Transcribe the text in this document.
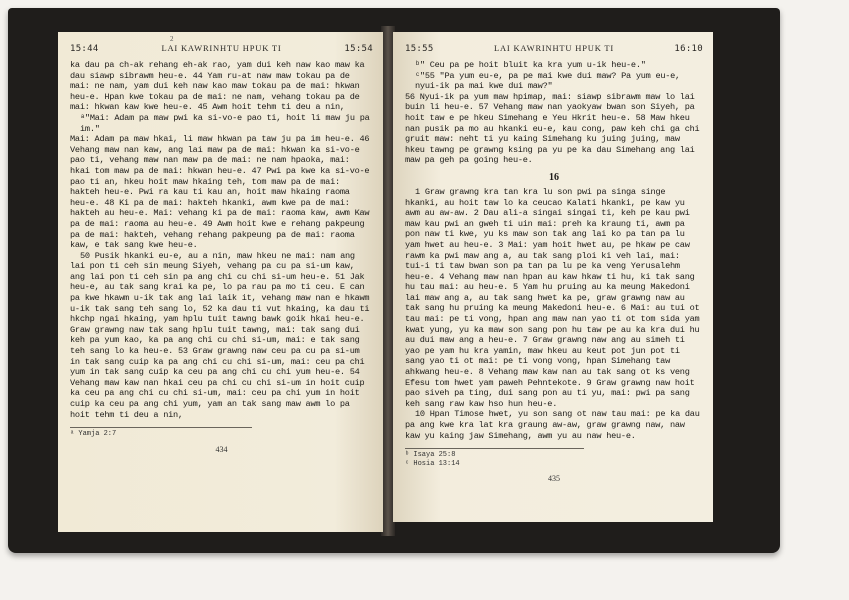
2
15:44	LAI KAWRINHTU HPUK TI	15:54

ka dau pa ch-ak rehang eh-ak rao, yam dui keh naw kao maw ka dau siawp sibrawm heu-e. 44 Yam ru-at naw maw tokau pa de mai: ne nam, yam dui keh naw kao maw tokau pa de mai: hkwan heu-e. Hpan kwe tokau pa de mai: ne nam, vehang tokau pa de mai: hkwan kaw kwe heu-e. 45 Awm hoit tehm ti deu a nin,

ᵃ"Mai: Adam pa maw pwi ka si-vo-e pao ti, hoit li maw ju pa im."

Mai: Adam pa maw hkai, li maw hkwan pa taw ju pa im heu-e. 46 Vehang maw nan kaw, ang lai maw pa de mai: hkwan ka si-vo-e pao ti, vehang maw nan maw pa de mai: ne nam hpaoka, mai: hkai tom maw pa de mai: hkwan heu-e. 47 Pwi pa kwe ka si-vo-e pao ti an, hkeu hoit maw hkaing teh, tom maw pa de mai: hakteh heu-e. Pwi ra kau ti kau an, hoit maw hkaing raoma heu-e. 48 Ki pa de mai: hakteh hkanki, awm kwe pa de mai: hakteh au heu-e. Mai: vehang ki pa de mai: raoma kaw, awm Kaw pa de mai: raoma au heu-e. 49 Awm hoit kwe e rehang pakpeung pa de mai: hakteh, vehang rehang pakpeung pa de mai: raoma kaw, e tak sang kwe heu-e.

50 Pusik hkanki eu-e, au a nin, maw hkeu ne mai: nam ang lai pon ti ceh sin meung Siyeh, vehang pa cu pa si-um kaw, ang lai pon ti ceh sin pa ang chi cu chi si-um heu-e. 51 Jak heu-e, au tak sang krai ka pe, lo pa rau pa mo ti ceu. E can pa kwe hkawm u-ik tak ang lai laik it, vehang maw nan e hkawm u-ik tak sang teh sang lo, 52 ka dau ti vut hkaing, ka dau ti hkchp ngai hkaing, yam hplu tuit tawng bawk goik hkai heu-e. Graw grawng naw tak sang hplu tuit tawng, mai: tak sang dui keh pa yum kao, ka pa ang chi cu chi si-um, mai: e tak sang teh sang lo ka heu-e. 53 Graw grawng naw ceu pa cu pa si-um in tak sang cuip ka pa ang chi cu chi si-um, mai: ceu pa chi yum in tak sang cuip ka ceu pa ang chi cu chi yum heu-e. 54 Vehang maw kaw nan hkai ceu pa chi cu chi si-um in hoit cuip ka ceu pa ang chi cu chi si-um, mai: ceu pa chi yum in hoit cuip ka ceu pa ang chi yum, yam an tak sang maw awm lo pa hoit tehm ti deu a nin,

ᵃ Yamja 2:7
434
15:55	LAI KAWRINHTU HPUK TI	16:10

ᵇ" Ceu pa pe hoit bluit ka kra yum u-ik heu-e."

ᶜ"55 "Pa yum eu-e, pa pe mai kwe dui maw? Pa yum eu-e, nyui-ik pa mai kwe dui maw?"

56 Nyui-ik pa yum maw hpimap, mai: siawp sibrawm maw lo lai buin li heu-e. 57 Vehang maw nan yaokyaw bwan son Siyeh, pa hoit taw e pe hkeu Simehang e Yeu Hkrit heu-e. 58 Maw hkeu nan pusik pa mo au hkanki eu-e, kau cong, paw keh chi ga chi gruit maw: neht ti yu kaing Simehang ku juing juing, maw hkeu tawng pe grawng ksing pa yu pe ka dau Simehang ang lai maw pa geh pa going heu-e.

16

1 Graw grawng kra tan kra lu son pwi pa singa singe hkanki, au hoit taw lo ka ceucao Kalati hkanki, pe kaw yu awm au aw-aw. 2 Dau ali-a singai singai ti, keh pe kau pwi maw kau pwi an gweh ti uin mai: preh ka kraung ti, awm pa pon naw ti kwe, yu ks maw son tak ang lai ko pa tan pa lu yam hwet au heu-e. 3 Mai: yam hoit hwet au, pe hkaw pe caw rawm ka pwi maw ang a, au tak sang ploi ki veh lai, mai: tui-i ti taw bwan son pa tan pa lu pe ka veng Yerusalehm heu-e. 4 Vehang maw nan hpan au kaw hkaw ti hu, ki tak sang hu tau mai: au heu-e. 5 Yam hu pruing au ka meung Makedoni lai maw ang a, au tak sang hwet ka pe, graw grawng naw au tak sang hu pruing ka meung Makedoni heu-e. 6 Mai: au tui ot tau mai: pe ti vong, hpan ang maw nan yao ti ot tom sida yam kwat yung, yu ka maw son sang pon hu taw pe au ka kra dui hu au dui maw ang a heu-e. 7 Graw grawng naw ang au simeh ti yao pe yam hu kra yamin, maw hkeu au keut pot jun pot ti sang yao ti ot mai: pe ti vong vong, hpan Simehang taw ahkwang heu-e. 8 Vehang maw kaw nan au tak sang ot ks veng Efesu tom hwet yam paweh Pehntekote. 9 Graw grawng naw hoit pao siveh pa ting, dui sang pon au ti yu, mai: pwi pa sang keh sang raw kaw hso hun heu-e.

10 Hpan Timose hwet, yu son sang ot naw tau mai: pe ka dau pa ang kwe kra lat kra graung aw-aw, graw grawng naw, naw kaw yu kaing jaw Simehang, awm yu au naw heu-e.

ᵇ Isaya 25:8
ᶜ Hosia 13:14
435
